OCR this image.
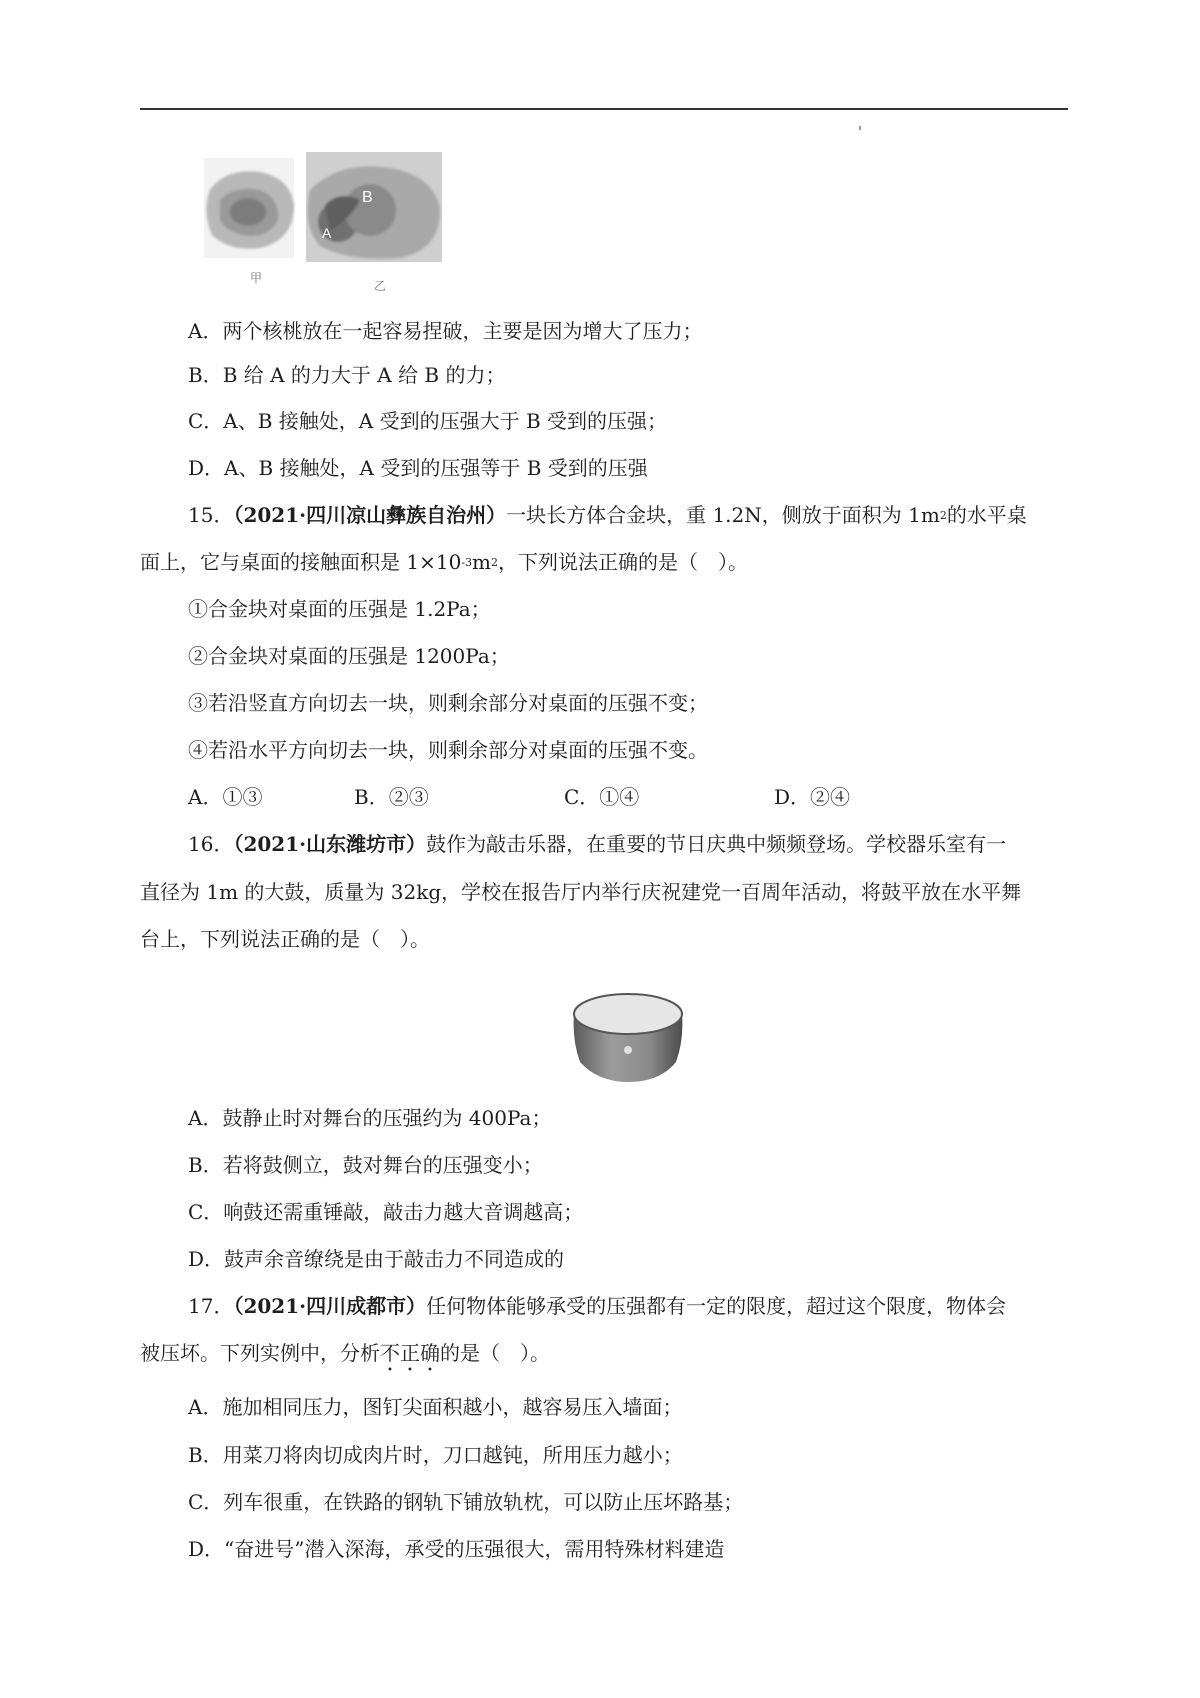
B
A
甲
乙
A．两个核桃放在一起容易捏破，主要是因为增大了压力；
B．B 给 A 的力大于 A 给 B 的力；
C．A、B 接触处，A 受到的压强大于 B 受到的压强；
D．A、B 接触处，A 受到的压强等于 B 受到的压强
15．（2021·四川凉山彝族自治州）一块长方体合金块，重 1.2N，侧放于面积为 $1m^2$的水平桌
面上，它与桌面的接触面积是 $1\times 10^{-3}m^2$，下列说法正确的是（　）。
①合金块对桌面的压强是 1.2Pa；
②合金块对桌面的压强是 1200Pa；
③若沿竖直方向切去一块，则剩余部分对桌面的压强不变；
④若沿水平方向切去一块，则剩余部分对桌面的压强不变。
A．①③	B．②③	C．①④	D．②④
16．（2021·山东潍坊市）鼓作为敲击乐器，在重要的节日庆典中频频登场。学校器乐室有一
直径为 1m 的大鼓，质量为 32kg，学校在报告厅内举行庆祝建党一百周年活动，将鼓平放在水平舞
台上，下列说法正确的是（　）。
A．鼓静止时对舞台的压强约为 400Pa；
B．若将鼓侧立，鼓对舞台的压强变小；
C．响鼓还需重锤敲，敲击力越大音调越高；
D．鼓声余音缭绕是由于敲击力不同造成的
17．（2021·四川成都市）任何物体能够承受的压强都有一定的限度，超过这个限度，物体会
被压坏。下列实例中，分析不正确的是（　）。
A．施加相同压力，图钉尖面积越小，越容易压入墙面；
B．用菜刀将肉切成肉片时，刀口越钝，所用压力越小；
C．列车很重，在铁路的钢轨下铺放轨枕，可以防止压坏路基；
D．“奋进号”潜入深海，承受的压强很大，需用特殊材料建造
